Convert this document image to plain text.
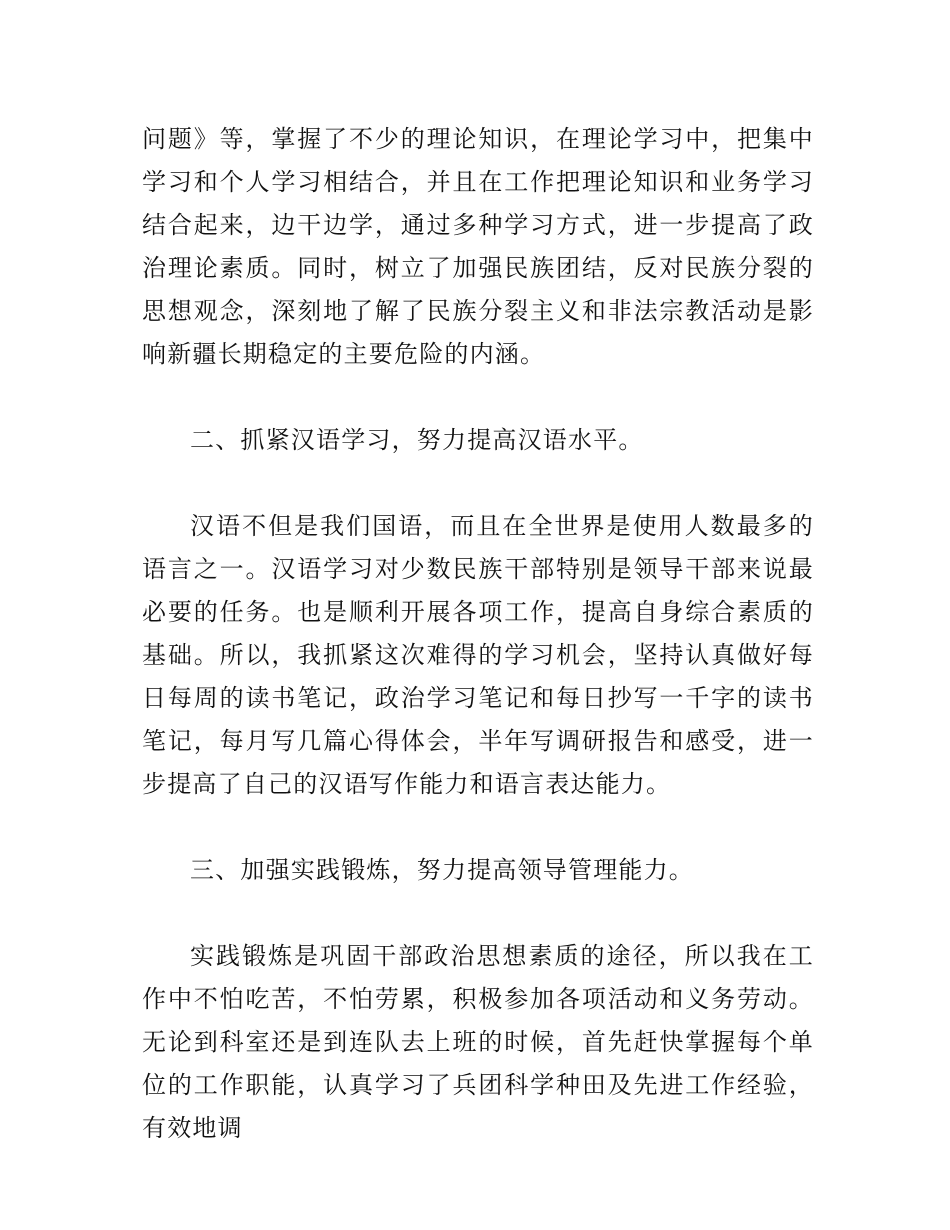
问题》等，掌握了不少的理论知识，在理论学习中，把集中学习和个人学习相结合，并且在工作把理论知识和业务学习结合起来，边干边学，通过多种学习方式，进一步提高了政治理论素质。同时，树立了加强民族团结，反对民族分裂的思想观念，深刻地了解了民族分裂主义和非法宗教活动是影响新疆长期稳定的主要危险的内涵。

二、抓紧汉语学习，努力提高汉语水平。

汉语不但是我们国语，而且在全世界是使用人数最多的语言之一。汉语学习对少数民族干部特别是领导干部来说最必要的任务。也是顺利开展各项工作，提高自身综合素质的基础。所以，我抓紧这次难得的学习机会，坚持认真做好每日每周的读书笔记，政治学习笔记和每日抄写一千字的读书笔记，每月写几篇心得体会，半年写调研报告和感受，进一步提高了自己的汉语写作能力和语言表达能力。

三、加强实践锻炼，努力提高领导管理能力。

实践锻炼是巩固干部政治思想素质的途径，所以我在工作中不怕吃苦，不怕劳累，积极参加各项活动和义务劳动。无论到科室还是到连队去上班的时候，首先赶快掌握每个单位的工作职能，认真学习了兵团科学种田及先进工作经验，有效地调
